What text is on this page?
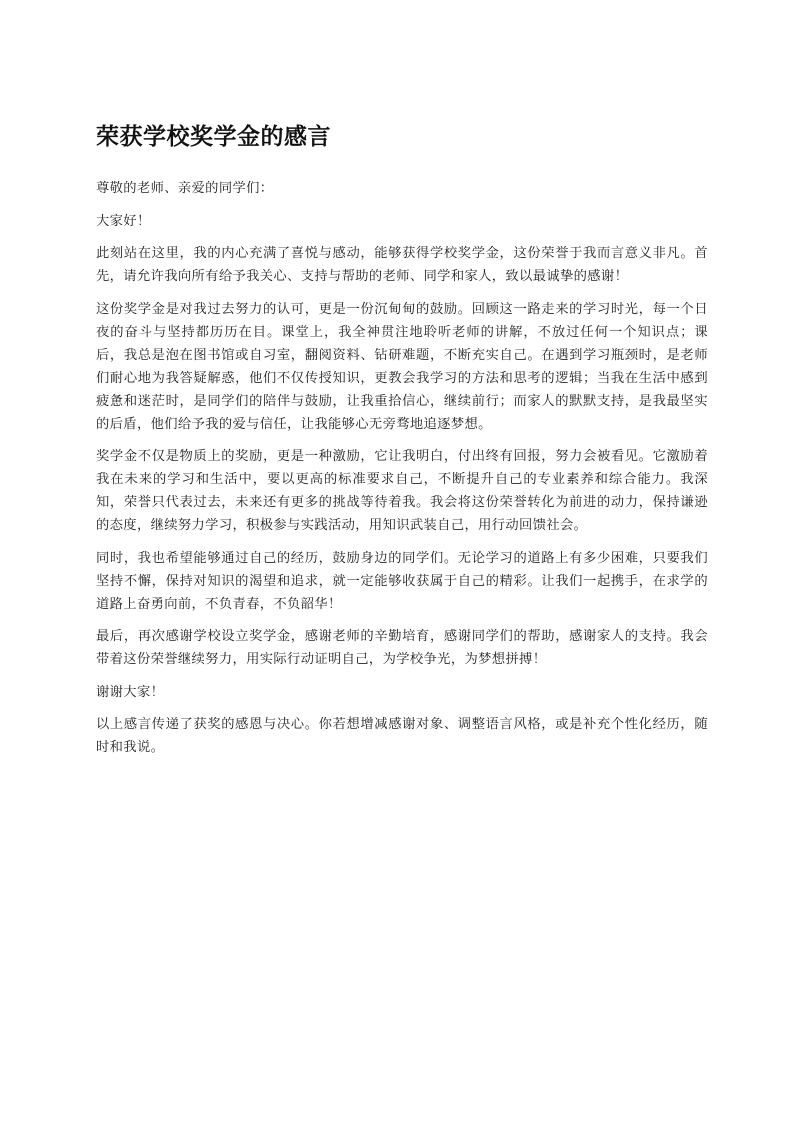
荣获学校奖学金的感言

尊敬的老师、亲爱的同学们：

大家好！

此刻站在这里，我的内心充满了喜悦与感动，能够获得学校奖学金，这份荣誉于我而言意义非凡。首先，请允许我向所有给予我关心、支持与帮助的老师、同学和家人，致以最诚挚的感谢！

这份奖学金是对我过去努力的认可，更是一份沉甸甸的鼓励。回顾这一路走来的学习时光，每一个日夜的奋斗与坚持都历历在目。课堂上，我全神贯注地聆听老师的讲解，不放过任何一个知识点；课后，我总是泡在图书馆或自习室，翻阅资料、钻研难题，不断充实自己。在遇到学习瓶颈时，是老师们耐心地为我答疑解惑，他们不仅传授知识，更教会我学习的方法和思考的逻辑；当我在生活中感到疲惫和迷茫时，是同学们的陪伴与鼓励，让我重拾信心，继续前行；而家人的默默支持，是我最坚实的后盾，他们给予我的爱与信任，让我能够心无旁骛地追逐梦想。

奖学金不仅是物质上的奖励，更是一种激励，它让我明白，付出终有回报，努力会被看见。它激励着我在未来的学习和生活中，要以更高的标准要求自己，不断提升自己的专业素养和综合能力。我深知，荣誉只代表过去，未来还有更多的挑战等待着我。我会将这份荣誉转化为前进的动力，保持谦逊的态度，继续努力学习，积极参与实践活动，用知识武装自己，用行动回馈社会。

同时，我也希望能够通过自己的经历，鼓励身边的同学们。无论学习的道路上有多少困难，只要我们坚持不懈，保持对知识的渴望和追求，就一定能够收获属于自己的精彩。让我们一起携手，在求学的道路上奋勇向前，不负青春，不负韶华！

最后，再次感谢学校设立奖学金，感谢老师的辛勤培育，感谢同学们的帮助，感谢家人的支持。我会带着这份荣誉继续努力，用实际行动证明自己，为学校争光，为梦想拼搏！

谢谢大家！

以上感言传递了获奖的感恩与决心。你若想增减感谢对象、调整语言风格，或是补充个性化经历，随时和我说。
